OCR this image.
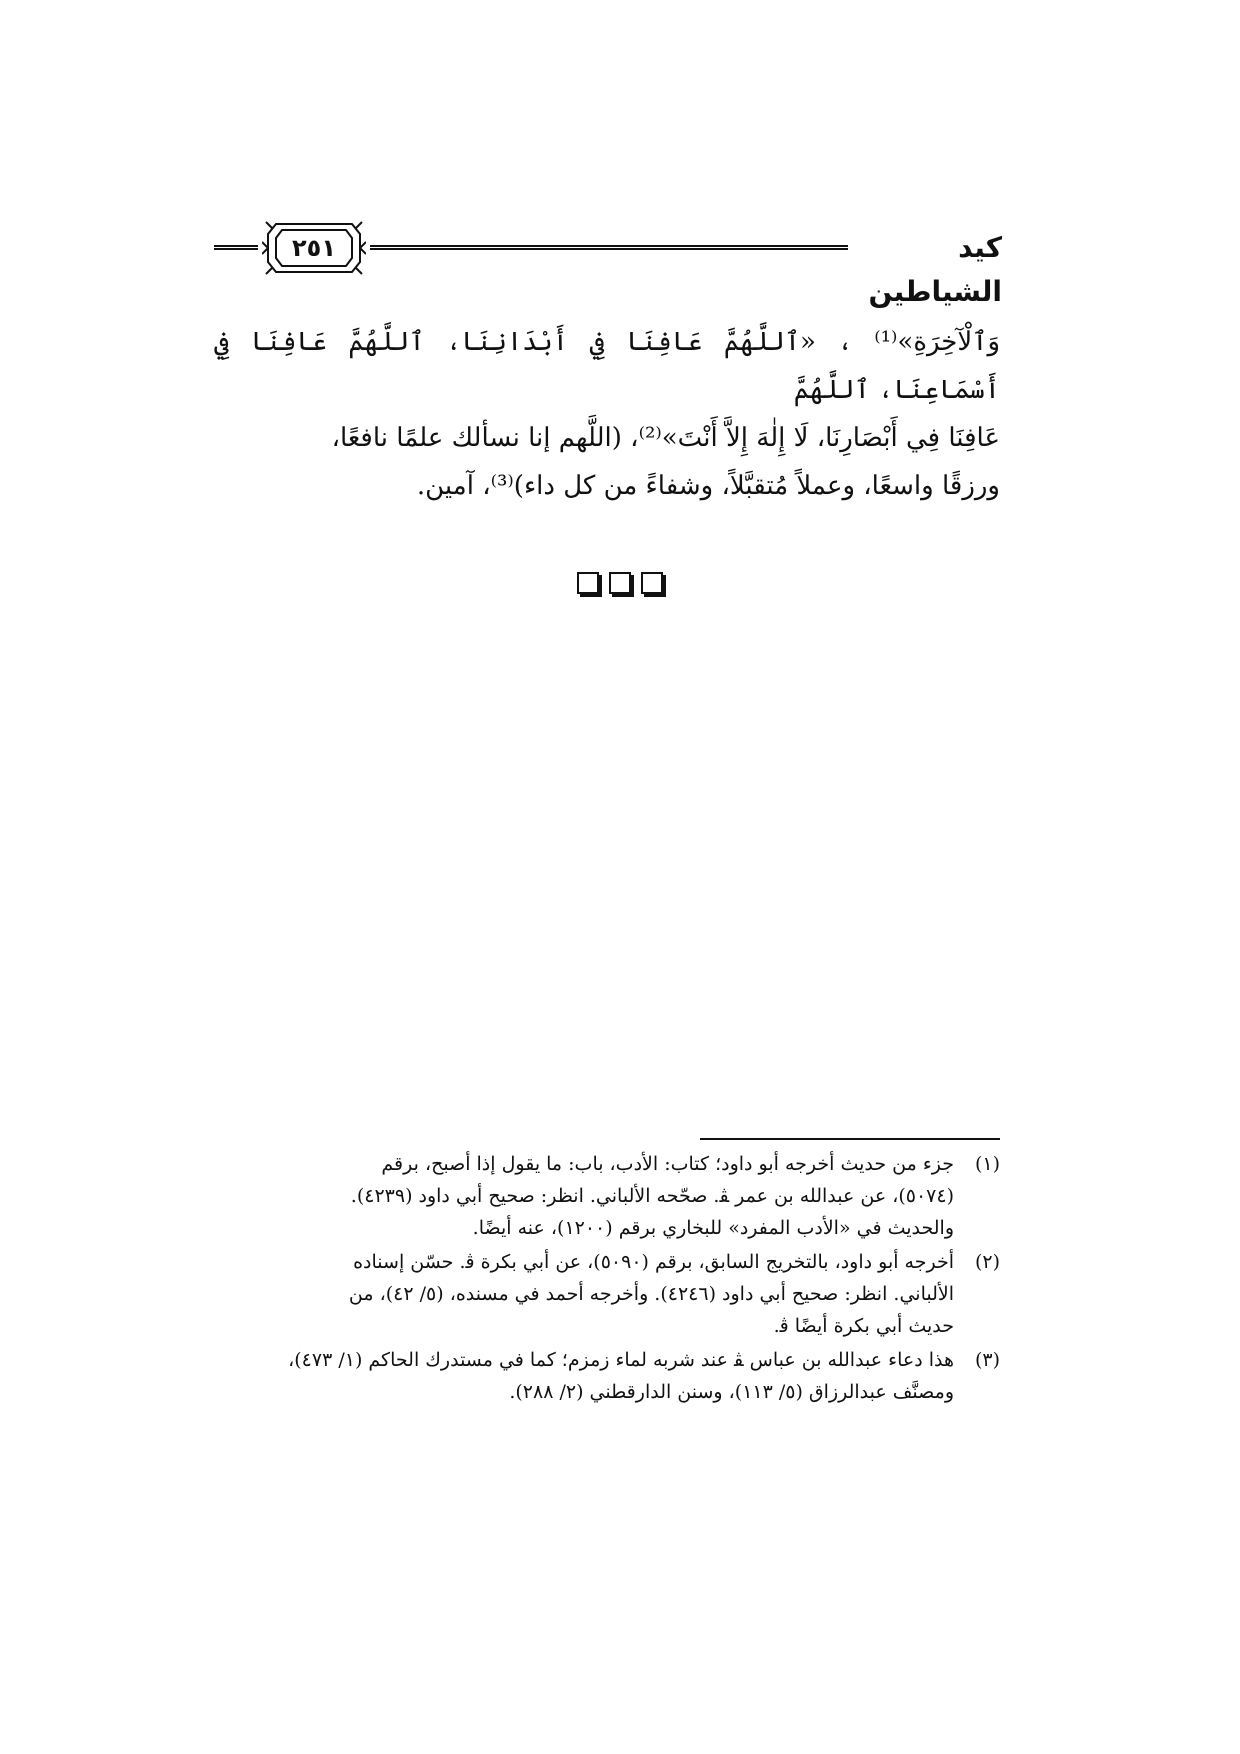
٢٥١	كيد الشياطين

وَٱلْآخِرَةِ»⁽¹⁾ ، «ٱللَّهُمَّ عَافِنَا فِي أَبْدَانِنَا، ٱللَّهُمَّ عَافِنَا فِي أَسْمَاعِنَا، ٱللَّهُمَّ

عَافِنَا فِي أَبْصَارِنَا، لَا إِلٰهَ إِلاَّ أَنْتَ»⁽²⁾، (اللَّهم إنا نسألك علمًا نافعًا،

ورزقًا واسعًا، وعملاً مُتقبَّلاً، وشفاءً من كل داء)⁽³⁾، آمين.

(١)

جزء من حديث أخرجه أبو داود؛ كتاب: الأدب، باب: ما يقول إذا أصبح، برقم

(٥٠٧٤)، عن عبدالله بن عمر ﭭ. صحّحه الألباني. انظر: صحيح أبي داود (٤٢٣٩).

والحديث في «الأدب المفرد» للبخاري برقم (١٢٠٠)، عنه أيضًا.

(٢)

أخرجه أبو داود، بالتخريج السابق، برقم (٥٠٩٠)، عن أبي بكرة ﭬ. حسّن إسناده

الألباني. انظر: صحيح أبي داود (٤٢٤٦). وأخرجه أحمد في مسنده، (٥/ ٤٢)، من

حديث أبي بكرة أيضًا ﭬ.

(٣)

هذا دعاء عبدالله بن عباس ﭭ عند شربه لماء زمزم؛ كما في مستدرك الحاكم (١/ ٤٧٣)،

ومصنَّف عبدالرزاق (٥/ ١١٣)، وسنن الدارقطني (٢/ ٢٨٨).
